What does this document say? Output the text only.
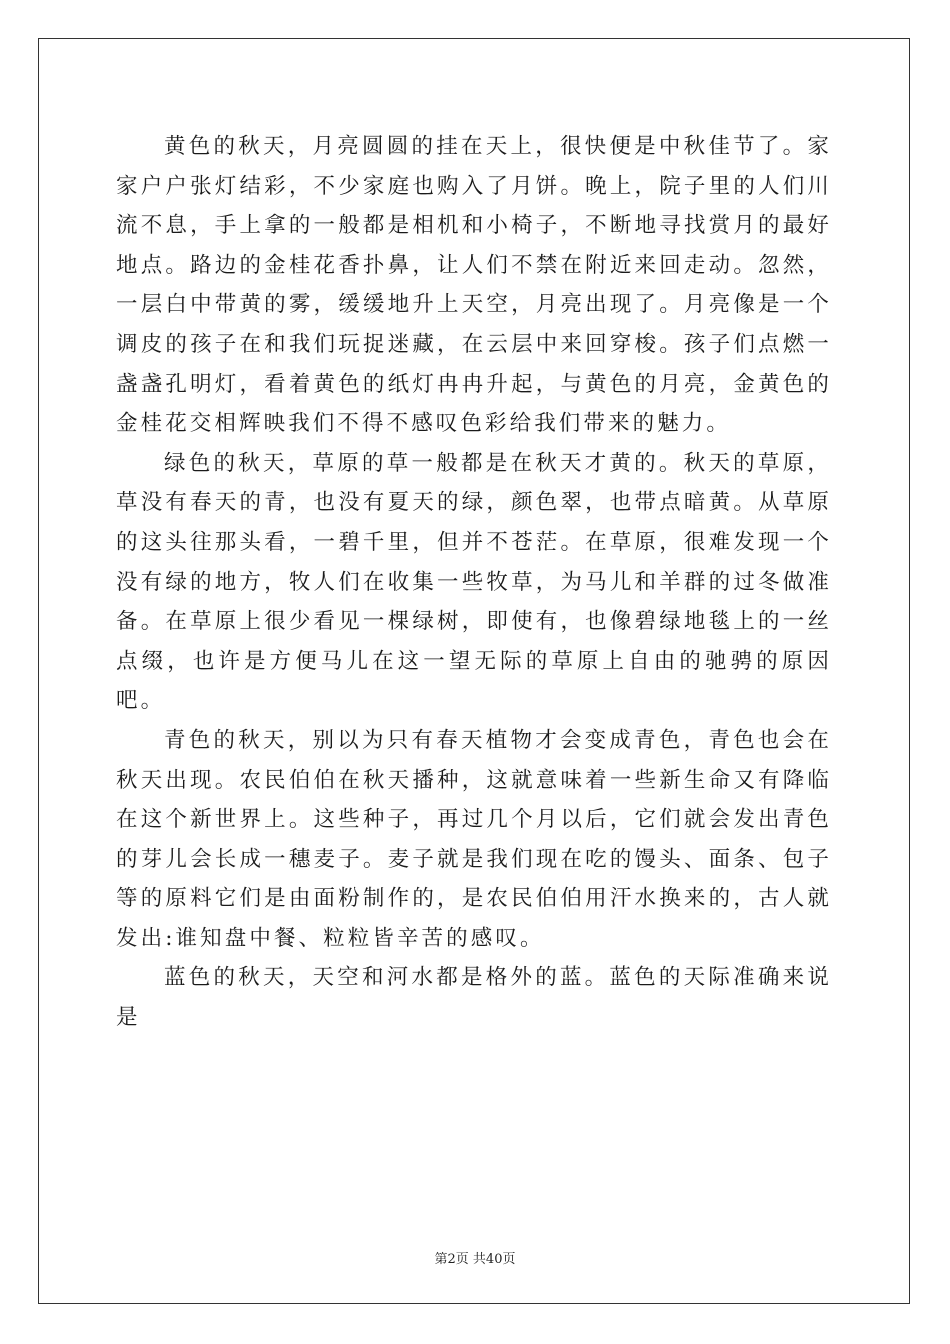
黄色的秋天，月亮圆圆的挂在天上，很快便是中秋佳节了。家家户户张灯结彩，不少家庭也购入了月饼。晚上，院子里的人们川流不息，手上拿的一般都是相机和小椅子，不断地寻找赏月的最好地点。路边的金桂花香扑鼻，让人们不禁在附近来回走动。忽然，一层白中带黄的雾，缓缓地升上天空，月亮出现了。月亮像是一个调皮的孩子在和我们玩捉迷藏，在云层中来回穿梭。孩子们点燃一盏盏孔明灯，看着黄色的纸灯冉冉升起，与黄色的月亮，金黄色的金桂花交相辉映我们不得不感叹色彩给我们带来的魅力。

绿色的秋天，草原的草一般都是在秋天才黄的。秋天的草原，草没有春天的青，也没有夏天的绿，颜色翠，也带点暗黄。从草原的这头往那头看，一碧千里，但并不苍茫。在草原，很难发现一个没有绿的地方，牧人们在收集一些牧草，为马儿和羊群的过冬做准备。在草原上很少看见一棵绿树，即使有，也像碧绿地毯上的一丝点缀，也许是方便马儿在这一望无际的草原上自由的驰骋的原因吧。

青色的秋天，别以为只有春天植物才会变成青色，青色也会在秋天出现。农民伯伯在秋天播种，这就意味着一些新生命又有降临在这个新世界上。这些种子，再过几个月以后，它们就会发出青色的芽儿会长成一穗麦子。麦子就是我们现在吃的馒头、面条、包子等的原料它们是由面粉制作的，是农民伯伯用汗水换来的，古人就发出:谁知盘中餐、粒粒皆辛苦的感叹。

蓝色的秋天，天空和河水都是格外的蓝。蓝色的天际准确来说是

第2页 共40页
